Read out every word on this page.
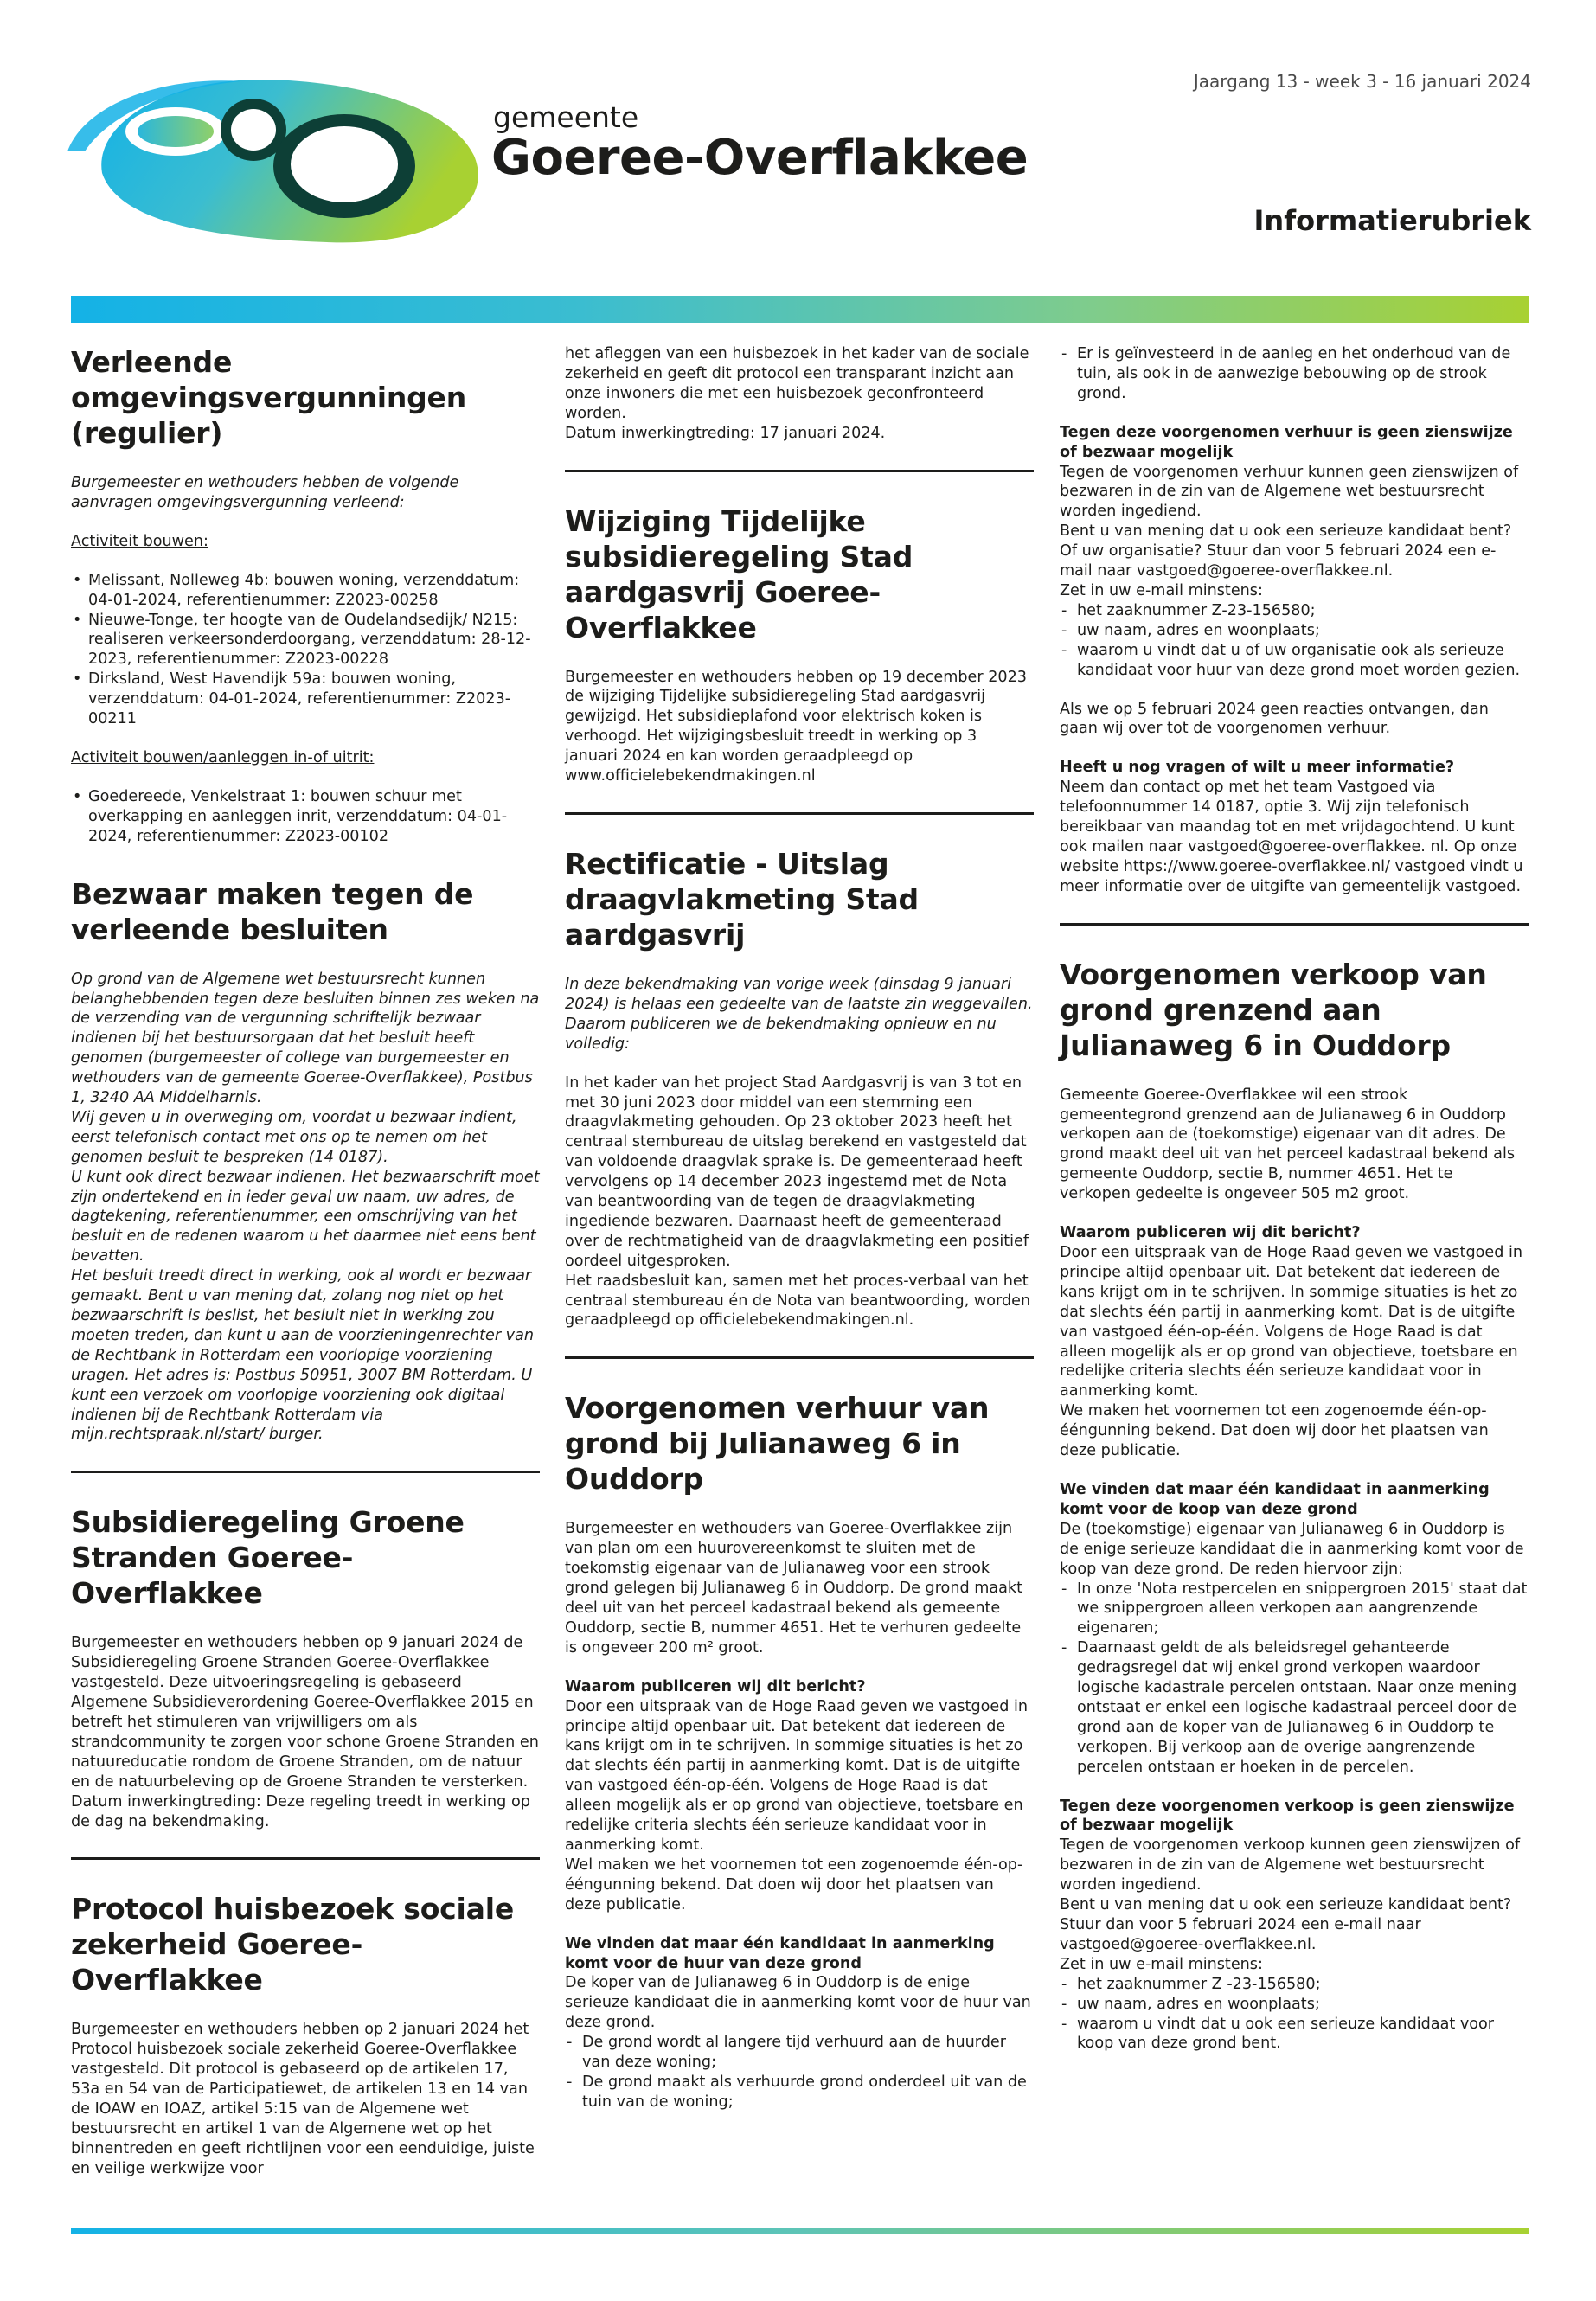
gemeente
Goeree-Overflakkee
Jaargang 13 - week 3 - 16 januari 2024
Informatierubriek
Verleende omgevingsvergunningen (regulier)

Burgemeester en wethouders hebben de volgende aanvragen omgevingsvergunning verleend:

Activiteit bouwen:

• Melissant, Nolleweg 4b: bouwen woning, verzenddatum: 04-01-2024, referentienummer: Z2023-00258
• Nieuwe-Tonge, ter hoogte van de Oudelandsedijk/ N215: realiseren verkeersonderdoorgang, verzenddatum: 28-12-2023, referentienummer: Z2023-00228
• Dirksland, West Havendijk 59a: bouwen woning, verzenddatum: 04-01-2024, referentienummer: Z2023-00211

Activiteit bouwen/aanleggen in-of uitrit:

• Goedereede, Venkelstraat 1: bouwen schuur met overkapping en aanleggen inrit, verzenddatum: 04-01-2024, referentienummer: Z2023-00102
Bezwaar maken tegen de verleende besluiten

Op grond van de Algemene wet bestuursrecht kunnen belanghebbenden tegen deze besluiten binnen zes weken na de verzending van de vergunning schriftelijk bezwaar indienen bij het bestuursorgaan dat het besluit heeft genomen (burgemeester of college van burgemeester en wethouders van de gemeente Goeree-Overflakkee), Postbus 1, 3240 AA Middelharnis.

Wij geven u in overweging om, voordat u bezwaar indient, eerst telefonisch contact met ons op te nemen om het genomen besluit te bespreken (14 0187).

U kunt ook direct bezwaar indienen. Het bezwaarschrift moet zijn ondertekend en in ieder geval uw naam, uw adres, de dagtekening, referentienummer, een omschrijving van het besluit en de redenen waarom u het daarmee niet eens bent bevatten.

Het besluit treedt direct in werking, ook al wordt er bezwaar gemaakt. Bent u van mening dat, zolang nog niet op het bezwaarschrift is beslist, het besluit niet in werking zou moeten treden, dan kunt u aan de voorzieningenrechter van de Rechtbank in Rotterdam een voorlopige voorziening uragen. Het adres is: Postbus 50951, 3007 BM Rotterdam. U kunt een verzoek om voorlopige voorziening ook digitaal indienen bij de Rechtbank Rotterdam via mijn.rechtspraak.nl/start/ burger.

Subsidieregeling Groene Stranden Goeree-Overflakkee

Burgemeester en wethouders hebben op 9 januari 2024 de Subsidieregeling Groene Stranden Goeree-Overflakkee vastgesteld. Deze uitvoeringsregeling is gebaseerd Algemene Subsidieverordening Goeree-Overflakkee 2015 en betreft het stimuleren van vrijwilligers om als strandcommunity te zorgen voor schone Groene Stranden en natuureducatie rondom de Groene Stranden, om de natuur en de natuurbeleving op de Groene Stranden te versterken.

Datum inwerkingtreding: Deze regeling treedt in werking op de dag na bekendmaking.

Protocol huisbezoek sociale zekerheid Goeree-Overflakkee

Burgemeester en wethouders hebben op 2 januari 2024 het Protocol huisbezoek sociale zekerheid Goeree-Overflakkee vastgesteld. Dit protocol is gebaseerd op de artikelen 17, 53a en 54 van de Participatiewet, de artikelen 13 en 14 van de IOAW en IOAZ, artikel 5:15 van de Algemene wet bestuursrecht en artikel 1 van de Algemene wet op het binnentreden en geeft richtlijnen voor een eenduidige, juiste en veilige werkwijze voor

het afleggen van een huisbezoek in het kader van de sociale zekerheid en geeft dit protocol een transparant inzicht aan onze inwoners die met een huisbezoek geconfronteerd worden.

Datum inwerkingtreding: 17 januari 2024.

Wijziging Tijdelijke subsidieregeling Stad aardgasvrij Goeree-Overflakkee

Burgemeester en wethouders hebben op 19 december 2023 de wijziging Tijdelijke subsidieregeling Stad aardgasvrij gewijzigd. Het subsidieplafond voor elektrisch koken is verhoogd. Het wijzigingsbesluit treedt in werking op 3 januari 2024 en kan worden geraadpleegd op www.officielebekendmakingen.nl

Rectificatie - Uitslag draagvlakmeting Stad aardgasvrij

In deze bekendmaking van vorige week (dinsdag 9 januari 2024) is helaas een gedeelte van de laatste zin weggevallen. Daarom publiceren we de bekendmaking opnieuw en nu volledig:

In het kader van het project Stad Aardgasvrij is van 3 tot en met 30 juni 2023 door middel van een stemming een draagvlakmeting gehouden. Op 23 oktober 2023 heeft het centraal stembureau de uitslag berekend en vastgesteld dat van voldoende draagvlak sprake is. De gemeenteraad heeft vervolgens op 14 december 2023 ingestemd met de Nota van beantwoording van de tegen de draagvlakmeting ingediende bezwaren. Daarnaast heeft de gemeenteraad over de rechtmatigheid van de draagvlakmeting een positief oordeel uitgesproken.

Het raadsbesluit kan, samen met het proces-verbaal van het centraal stembureau én de Nota van beantwoording, worden geraadpleegd op officielebekendmakingen.nl.

Voorgenomen verhuur van grond bij Julianaweg 6 in Ouddorp

Burgemeester en wethouders van Goeree-Overflakkee zijn van plan om een huurovereenkomst te sluiten met de toekomstig eigenaar van de Julianaweg voor een strook grond gelegen bij Julianaweg 6 in Ouddorp. De grond maakt deel uit van het perceel kadastraal bekend als gemeente Ouddorp, sectie B, nummer 4651. Het te verhuren gedeelte is ongeveer 200 m² groot.

Waarom publiceren wij dit bericht?

Door een uitspraak van de Hoge Raad geven we vastgoed in principe altijd openbaar uit. Dat betekent dat iedereen de kans krijgt om in te schrijven. In sommige situaties is het zo dat slechts één partij in aanmerking komt. Dat is de uitgifte van vastgoed één-op-één. Volgens de Hoge Raad is dat alleen mogelijk als er op grond van objectieve, toetsbare en redelijke criteria slechts één serieuze kandidaat voor in aanmerking komt.

Wel maken we het voornemen tot een zogenoemde één-op-ééngunning bekend. Dat doen wij door het plaatsen van deze publicatie.

We vinden dat maar één kandidaat in aanmerking komt voor de huur van deze grond

De koper van de Julianaweg 6 in Ouddorp is de enige serieuze kandidaat die in aanmerking komt voor de huur van deze grond.

- De grond wordt al langere tijd verhuurd aan de huurder van deze woning;
- De grond maakt als verhuurde grond onderdeel uit van de tuin van de woning;
- Er is geïnvesteerd in de aanleg en het onderhoud van de tuin, als ook in de aanwezige bebouwing op de strook grond.

Tegen deze voorgenomen verhuur is geen zienswijze of bezwaar mogelijk

Tegen de voorgenomen verhuur kunnen geen zienswijzen of bezwaren in de zin van de Algemene wet bestuursrecht worden ingediend.

Bent u van mening dat u ook een serieuze kandidaat bent? Of uw organisatie? Stuur dan voor 5 februari 2024 een e-mail naar vastgoed@goeree-overflakkee.nl.

Zet in uw e-mail minstens:

- het zaaknummer Z-23-156580;
- uw naam, adres en woonplaats;
- waarom u vindt dat u of uw organisatie ook als serieuze kandidaat voor huur van deze grond moet worden gezien.

Als we op 5 februari 2024 geen reacties ontvangen, dan gaan wij over tot de voorgenomen verhuur.

Heeft u nog vragen of wilt u meer informatie?

Neem dan contact op met het team Vastgoed via telefoonnummer 14 0187, optie 3. Wij zijn telefonisch bereikbaar van maandag tot en met vrijdagochtend. U kunt ook mailen naar vastgoed@goeree-overflakkee. nl. Op onze website https://www.goeree-overflakkee.nl/ vastgoed vindt u meer informatie over de uitgifte van gemeentelijk vastgoed.

Voorgenomen verkoop van grond grenzend aan Julianaweg 6 in Ouddorp

Gemeente Goeree-Overflakkee wil een strook gemeentegrond grenzend aan de Julianaweg 6 in Ouddorp verkopen aan de (toekomstige) eigenaar van dit adres. De grond maakt deel uit van het perceel kadastraal bekend als gemeente Ouddorp, sectie B, nummer 4651. Het te verkopen gedeelte is ongeveer 505 m2 groot.

Waarom publiceren wij dit bericht?

Door een uitspraak van de Hoge Raad geven we vastgoed in principe altijd openbaar uit. Dat betekent dat iedereen de kans krijgt om in te schrijven. In sommige situaties is het zo dat slechts één partij in aanmerking komt. Dat is de uitgifte van vastgoed één-op-één. Volgens de Hoge Raad is dat alleen mogelijk als er op grond van objectieve, toetsbare en redelijke criteria slechts één serieuze kandidaat voor in aanmerking komt.

We maken het voornemen tot een zogenoemde één-op-ééngunning bekend. Dat doen wij door het plaatsen van deze publicatie.

We vinden dat maar één kandidaat in aanmerking komt voor de koop van deze grond

De (toekomstige) eigenaar van Julianaweg 6 in Ouddorp is de enige serieuze kandidaat die in aanmerking komt voor de koop van deze grond. De reden hiervoor zijn:

- In onze 'Nota restpercelen en snippergroen 2015' staat dat we snippergroen alleen verkopen aan aangrenzende eigenaren;
- Daarnaast geldt de als beleidsregel gehanteerde gedragsregel dat wij enkel grond verkopen waardoor logische kadastrale percelen ontstaan. Naar onze mening ontstaat er enkel een logische kadastraal perceel door de grond aan de koper van de Julianaweg 6 in Ouddorp te verkopen. Bij verkoop aan de overige aangrenzende percelen ontstaan er hoeken in de percelen.

Tegen deze voorgenomen verkoop is geen zienswijze of bezwaar mogelijk

Tegen de voorgenomen verkoop kunnen geen zienswijzen of bezwaren in de zin van de Algemene wet bestuursrecht worden ingediend.

Bent u van mening dat u ook een serieuze kandidaat bent? Stuur dan voor 5 februari 2024 een e-mail naar vastgoed@goeree-overflakkee.nl.

Zet in uw e-mail minstens:

- het zaaknummer Z -23-156580;
- uw naam, adres en woonplaats;
- waarom u vindt dat u ook een serieuze kandidaat voor koop van deze grond bent.
